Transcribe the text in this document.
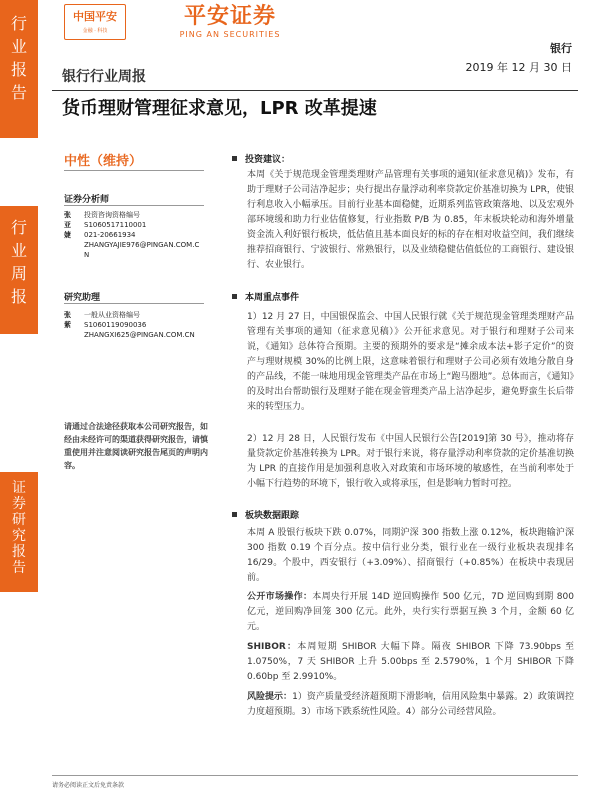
行
业
报
告
行
业
周
报
证
券
研
究
报
告
中国平安
金融 · 科技
平安证券
PING AN SECURITIES
银行
2019 年 12 月 30 日
银行行业周报
货币理财管理征求意见，LPR 改革提速
中性（维持）
证券分析师
张亚婕
投资咨询资格编号
S1060517110001
021-20661934
ZHANGYAJIE976@PINGAN.COM.C
N
研究助理
张紫
一般从业资格编号
S1060119090036
ZHANGXI625@PINGAN.COM.CN
请通过合法途径获取本公司研究报告，如经由未经许可的渠道获得研究报告，请慎重使用并注意阅读研究报告尾页的声明内容。
投资建议：
本周《关于规范现金管理类理财产品管理有关事项的通知(征求意见稿)》发布，有助于理财子公司洁净起步；央行提出存量浮动利率贷款定价基准切换为 LPR，使银行利息收入小幅承压。目前行业基本面稳健，近期系列监管政策落地、以及宏观外部环境缓和助力行业估值修复，行业指数 P/B 为 0.85，年末板块轮动和海外增量资金流入利好银行板块，低估值且基本面良好的标的存在相对收益空间，我们继续推荐招商银行、宁波银行、常熟银行，以及业绩稳健估值低位的工商银行、建设银行、农业银行。
本周重点事件
1）12 月 27 日，中国银保监会、中国人民银行就《关于规范现金管理类理财产品管理有关事项的通知（征求意见稿）》公开征求意见。对于银行和理财子公司来说，《通知》总体符合预期。主要的预期外的要求是“摊余成本法+影子定价”的资产与理财规模 30%的比例上限，这意味着银行和理财子公司必须有效地分散自身的产品线，不能一味地用现金管理类产品在市场上“跑马圈地”。总体而言，《通知》的及时出台帮助银行及理财子能在现金管理类产品上洁净起步，避免野蛮生长后带来的转型压力。
2）12 月 28 日，人民银行发布《中国人民银行公告[2019]第 30 号》，推动将存量贷款定价基准转换为 LPR。对于银行来说，将存量浮动利率贷款的定价基准切换为 LPR 的直接作用是加强利息收入对政策和市场环境的敏感性，在当前利率处于小幅下行趋势的环境下，银行收入或将承压，但是影响力暂时可控。
板块数据跟踪
本周 A 股银行板块下跌 0.07%，同期沪深 300 指数上涨 0.12%，板块跑输沪深 300 指数 0.19 个百分点。按中信行业分类，银行业在一级行业板块表现排名 16/29。个股中，西安银行（+3.09%）、招商银行（+0.85%）在板块中表现居前。
公开市场操作：本周央行开展 14D 逆回购操作 500 亿元，7D 逆回购到期 800 亿元，逆回购净回笼 300 亿元。此外，央行实行票据互换 3 个月，金额 60 亿元。
SHIBOR：本周短期 SHIBOR 大幅下降。隔夜 SHIBOR 下降 73.90bps 至 1.0750%，7 天 SHIBOR 上升 5.00bps 至 2.5790%，1 个月 SHIBOR 下降 0.60bp 至 2.9910%。
风险提示：1）资产质量受经济超预期下滑影响，信用风险集中暴露。2）政策调控力度超预期。3）市场下跌系统性风险。4）部分公司经营风险。
请务必阅读正文后免责条款
